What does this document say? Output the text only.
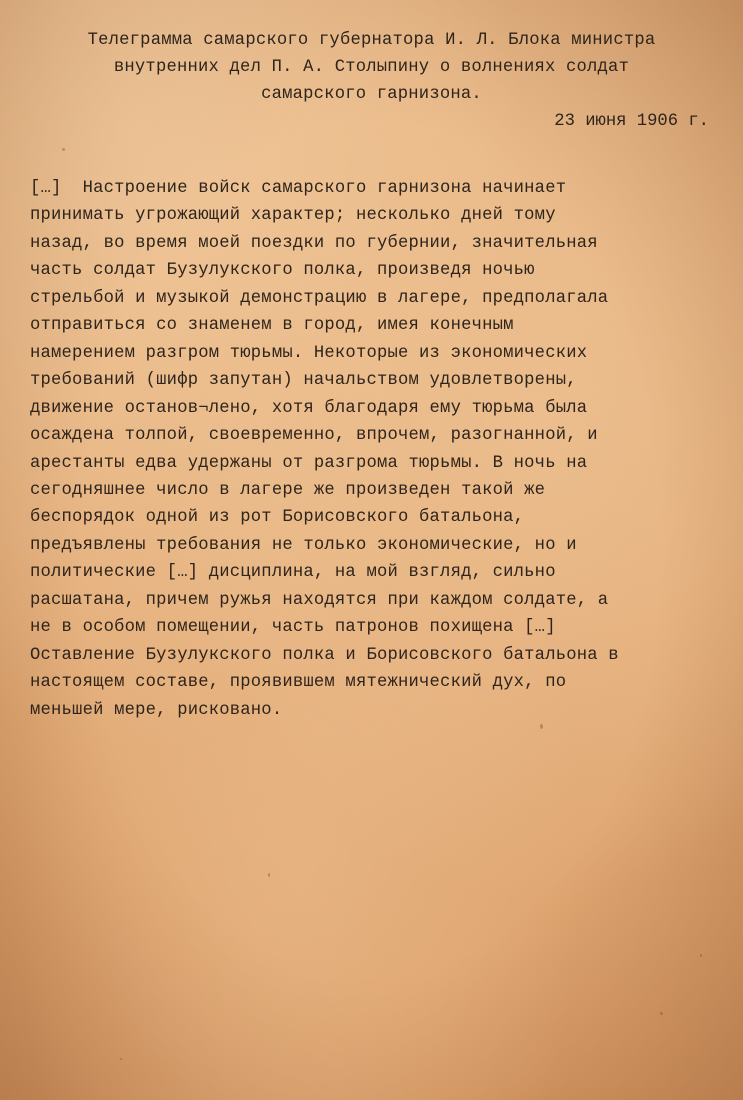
Телеграмма самарского губернатора И. Л. Блока министра
внутренних дел П. А. Столыпину о волнениях солдат
самарского гарнизона.
23 июня 1906 г.
[…]  Настроение войск самарского гарнизона начинает
принимать угрожающий характер; несколько дней тому
назад, во время моей поездки по губернии, значительная
часть солдат Бузулукского полка, произведя ночью
стрельбой и музыкой демонстрацию в лагере, предполагала
отправиться со знаменем в город, имея конечным
намерением разгром тюрьмы. Некоторые из экономических
требований (шифр запутан) начальством удовлетворены,
движение останов¬лено, хотя благодаря ему тюрьма была
осаждена толпой, своевременно, впрочем, разогнанной, и
арестанты едва удержаны от разгрома тюрьмы. В ночь на
сегодняшнее число в лагере же произведен такой же
беспорядок одной из рот Борисовского батальона,
предъявлены требования не только экономические, но и
политические […] дисциплина, на мой взгляд, сильно
расшатана, причем ружья находятся при каждом солдате, а
не в особом помещении, часть патронов похищена […]
Оставление Бузулукского полка и Борисовского батальона в
настоящем составе, проявившем мятежнический дух, по
меньшей мере, рисковано.
